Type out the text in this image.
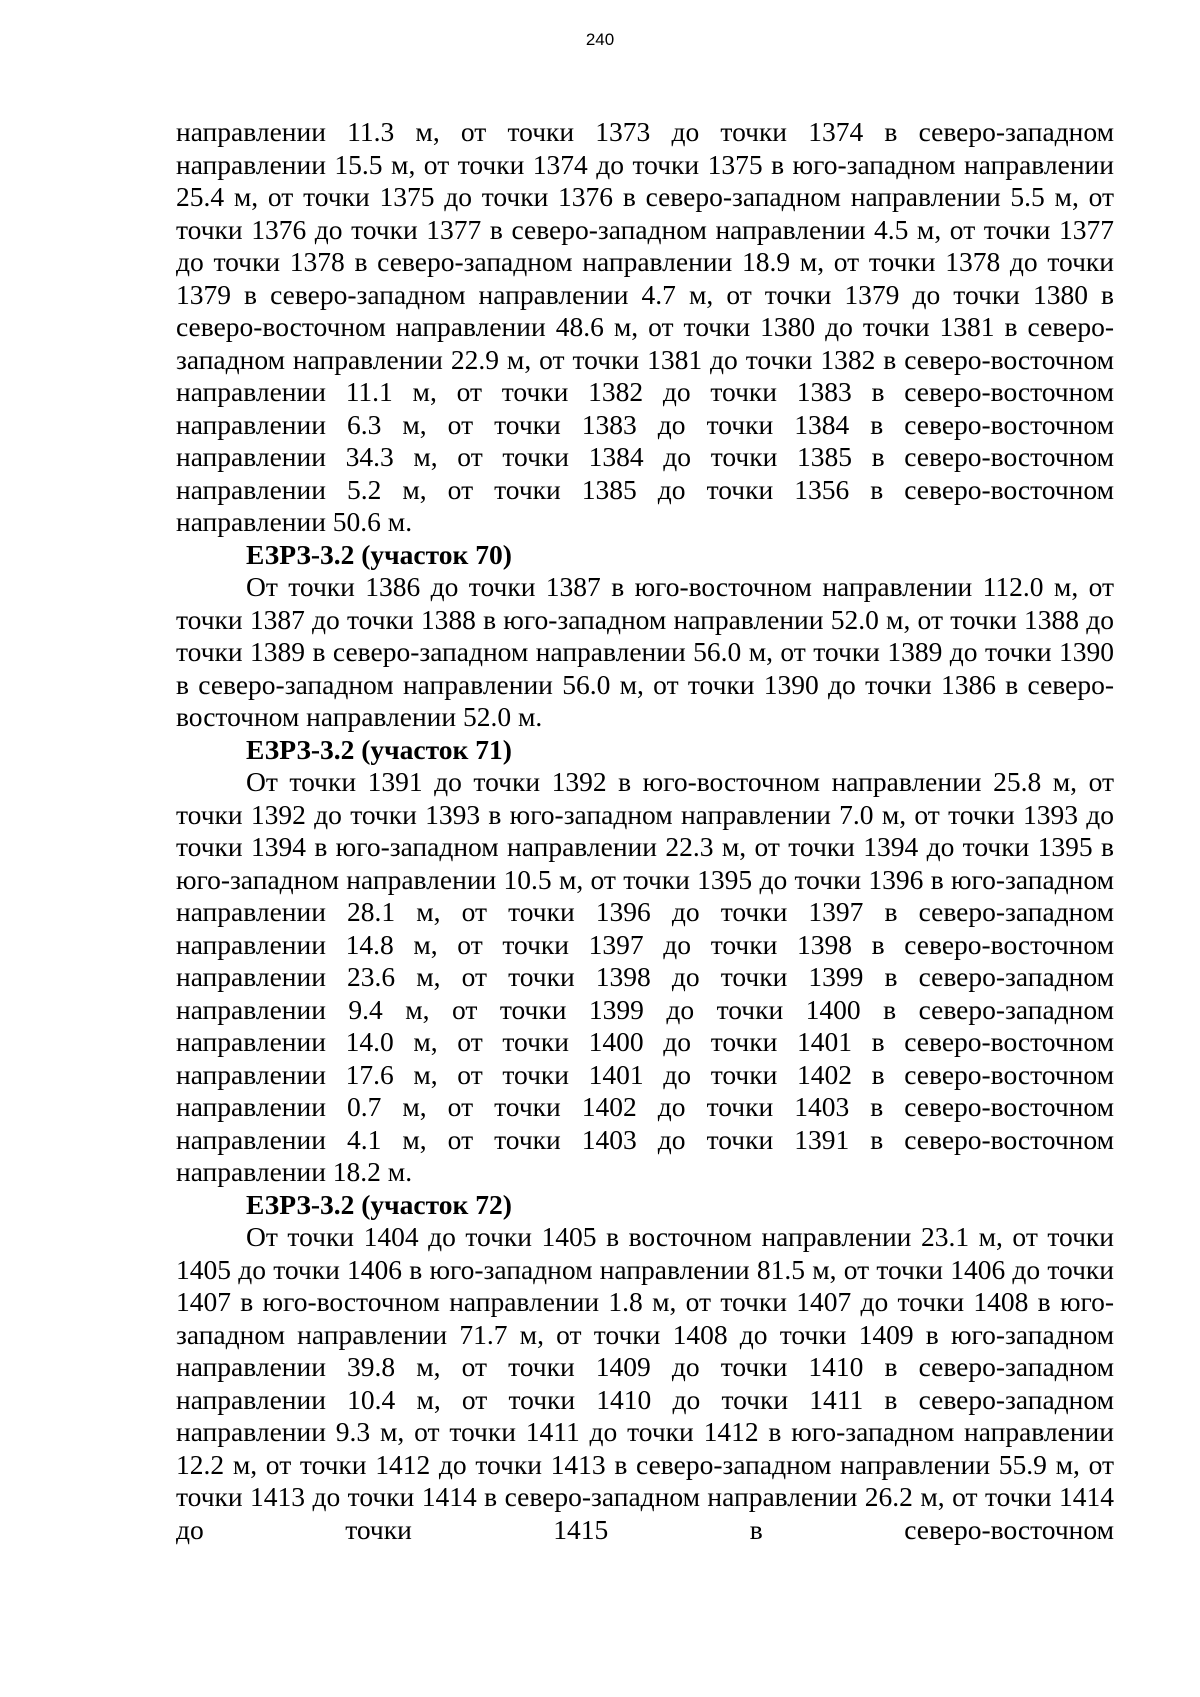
240

направлении 11.3 м, от точки 1373 до точки 1374 в северо-западном направлении 15.5 м, от точки 1374 до точки 1375 в юго-западном направлении 25.4 м, от точки 1375 до точки 1376 в северо-западном направлении 5.5 м, от точки 1376 до точки 1377 в северо-западном направлении 4.5 м, от точки 1377 до точки 1378 в северо-западном направлении 18.9 м, от точки 1378 до точки 1379 в северо-западном направлении 4.7 м, от точки 1379 до точки 1380 в северо-восточном направлении 48.6 м, от точки 1380 до точки 1381 в северо-западном направлении 22.9 м, от точки 1381 до точки 1382 в северо-восточном направлении 11.1 м, от точки 1382 до точки 1383 в северо-восточном направлении 6.3 м, от точки 1383 до точки 1384 в северо-восточном направлении 34.3 м, от точки 1384 до точки 1385 в северо-восточном направлении 5.2 м, от точки 1385 до точки 1356 в северо-восточном направлении 50.6 м.

ЕЗРЗ-3.2 (участок 70)

От точки 1386 до точки 1387 в юго-восточном направлении 112.0 м, от точки 1387 до точки 1388 в юго-западном направлении 52.0 м, от точки 1388 до точки 1389 в северо-западном направлении 56.0 м, от точки 1389 до точки 1390 в северо-западном направлении 56.0 м, от точки 1390 до точки 1386 в северо-восточном направлении 52.0 м.

ЕЗРЗ-3.2 (участок 71)

От точки 1391 до точки 1392 в юго-восточном направлении 25.8 м, от точки 1392 до точки 1393 в юго-западном направлении 7.0 м, от точки 1393 до точки 1394 в юго-западном направлении 22.3 м, от точки 1394 до точки 1395 в юго-западном направлении 10.5 м, от точки 1395 до точки 1396 в юго-западном направлении 28.1 м, от точки 1396 до точки 1397 в северо-западном направлении 14.8 м, от точки 1397 до точки 1398 в северо-восточном направлении 23.6 м, от точки 1398 до точки 1399 в северо-западном направлении 9.4 м, от точки 1399 до точки 1400 в северо-западном направлении 14.0 м, от точки 1400 до точки 1401 в северо-восточном направлении 17.6 м, от точки 1401 до точки 1402 в северо-восточном направлении 0.7 м, от точки 1402 до точки 1403 в северо-восточном направлении 4.1 м, от точки 1403 до точки 1391 в северо-восточном направлении 18.2 м.

ЕЗРЗ-3.2 (участок 72)

От точки 1404 до точки 1405 в восточном направлении 23.1 м, от точки 1405 до точки 1406 в юго-западном направлении 81.5 м, от точки 1406 до точки 1407 в юго-восточном направлении 1.8 м, от точки 1407 до точки 1408 в юго-западном направлении 71.7 м, от точки 1408 до точки 1409 в юго-западном направлении 39.8 м, от точки 1409 до точки 1410 в северо-западном направлении 10.4 м, от точки 1410 до точки 1411 в северо-западном направлении 9.3 м, от точки 1411 до точки 1412 в юго-западном направлении 12.2 м, от точки 1412 до точки 1413 в северо-западном направлении 55.9 м, от точки 1413 до точки 1414 в северо-западном направлении 26.2 м, от точки 1414 до точки 1415 в северо-восточном
